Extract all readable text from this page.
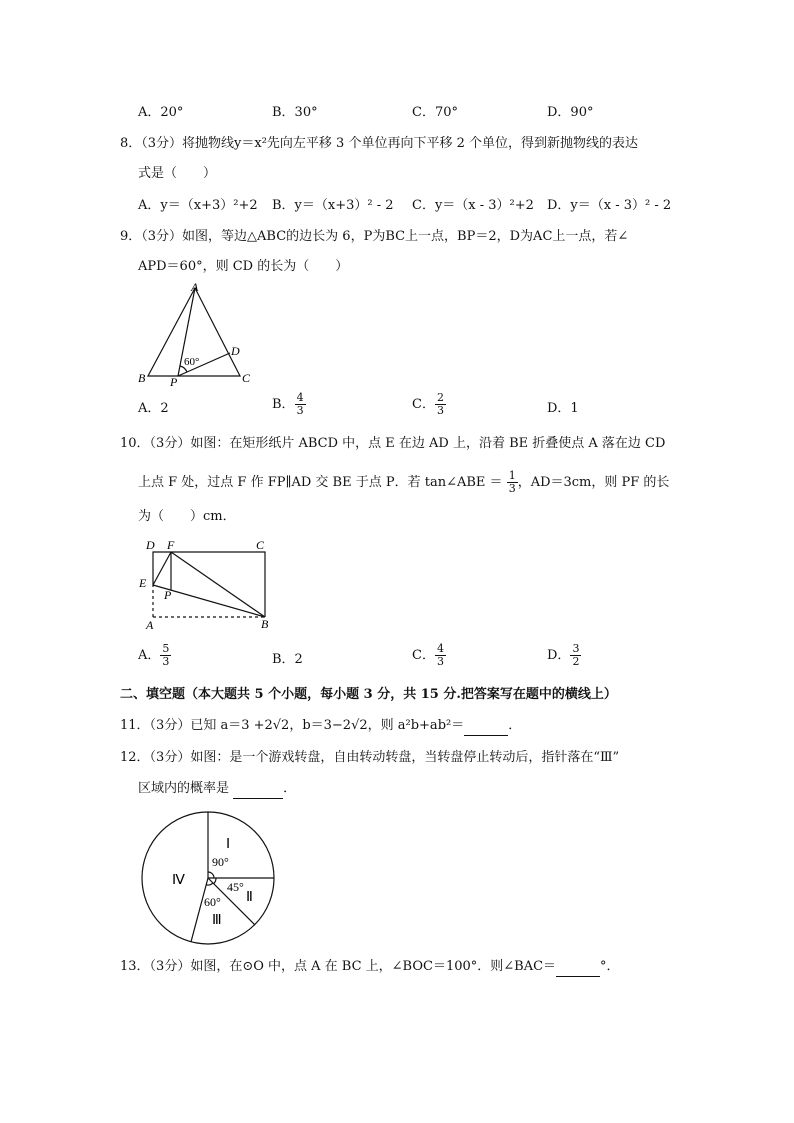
A．20°	B．30°	C．70°	D．90°
8．（3分）将抛物线y＝x²先向左平移 3 个单位再向下平移 2 个单位，得到新抛物线的表达
式是（　　）
A．y＝（x+3）²+2 B．y＝（x+3）² - 2 C．y＝（x - 3）²+2 D．y＝（x - 3）² - 2
9．（3分）如图，等边△ABC的边长为 6，P为BC上一点，BP＝2，D为AC上一点，若∠
APD＝60°，则 CD 的长为（　　）
A
B	C
D
P
60°
A．2	B． $\frac{4}{3}$	C． $\frac{2}{3}$	D．1
10．（3分）如图：在矩形纸片 ABCD 中，点 E 在边 AD 上，沿着 BE 折叠使点 A 落在边 CD
上点 F 处，过点 F 作 FP∥AD 交 BE 于点 P．若 tan∠ABE ＝ $\frac{1}{3}$ ，AD＝3cm，则 PF 的长
为（　　）cm．
D F	C
E
P
A	B
A． $\frac{5}{3}$	B．2	C． $\frac{4}{3}$	D． $\frac{3}{2}$
二、填空题（本大题共 5 个小题，每小题 3 分，共 15 分.把答案写在题中的横线上）
11．（3分）已知 a＝3 +2√2，b＝3−2√2，则 a²b+ab²＝	．
12．（3分）如图：是一个游戏转盘，自由转动转盘，当转盘停止转动后，指针落在“Ⅲ”
区域内的概率是	．
Ⅰ
Ⅱ
Ⅲ
Ⅳ
90°
45°
60°
13．（3分）如图，在⊙O 中，点 A 在 BC 上，∠BOC＝100°．则∠BAC＝	°．
